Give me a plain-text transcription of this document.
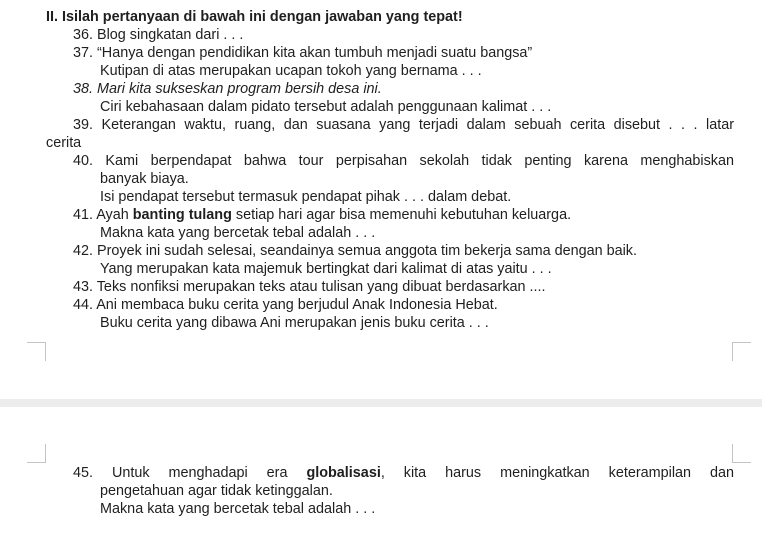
II. Isilah pertanyaan di bawah ini dengan jawaban yang tepat!
36. Blog singkatan dari . . .
37. “Hanya dengan pendidikan kita akan tumbuh menjadi suatu bangsa”
Kutipan di atas merupakan ucapan tokoh yang bernama . . .
38. Mari kita sukseskan program bersih desa ini.
Ciri kebahasaan dalam pidato tersebut adalah penggunaan kalimat . . .
39. Keterangan waktu, ruang, dan suasana yang terjadi dalam sebuah cerita disebut . . . latar
cerita
40. Kami berpendapat bahwa tour perpisahan sekolah tidak penting karena menghabiskan
banyak biaya.
Isi pendapat tersebut termasuk pendapat pihak . . . dalam debat.
41. Ayah banting tulang setiap hari agar bisa memenuhi kebutuhan keluarga.
Makna kata yang bercetak tebal adalah . . .
42. Proyek ini sudah selesai, seandainya semua anggota tim bekerja sama dengan baik.
Yang merupakan kata majemuk bertingkat dari kalimat di atas yaitu . . .
43. Teks nonfiksi merupakan teks atau tulisan yang dibuat berdasarkan ....
44. Ani membaca buku cerita yang berjudul Anak Indonesia Hebat.
Buku cerita yang dibawa Ani merupakan jenis buku cerita . . .
45. Untuk menghadapi era globalisasi, kita harus meningkatkan keterampilan dan
pengetahuan agar tidak ketinggalan.
Makna kata yang bercetak tebal adalah . . .
